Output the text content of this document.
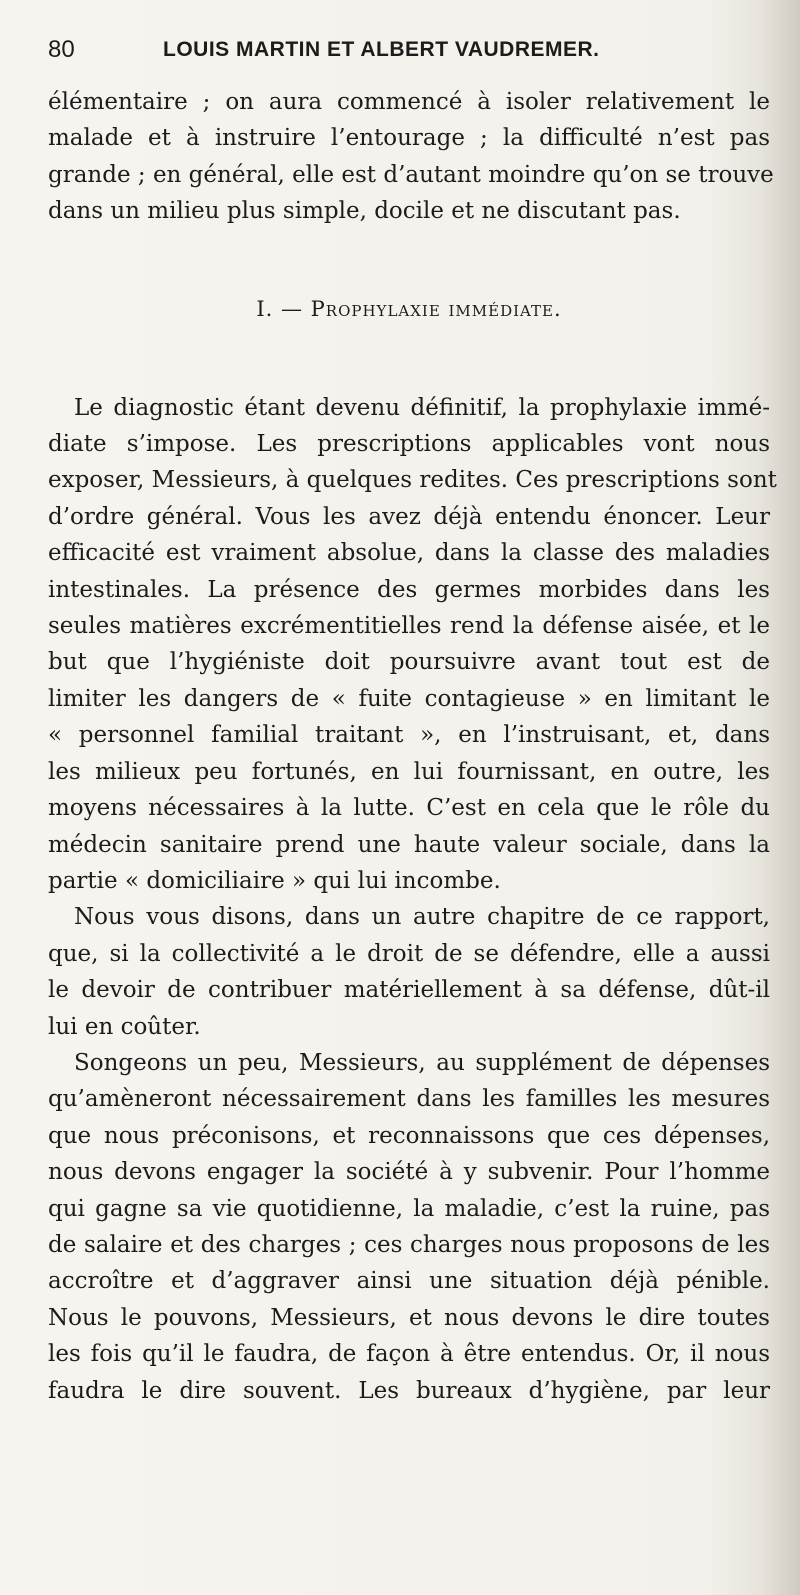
80	LOUIS MARTIN ET ALBERT VAUDREMER.
élémentaire ; on aura commencé à isoler relativement le
malade et à instruire l’entourage ; la difficulté n’est pas
grande ; en général, elle est d’autant moindre qu’on se trouve
dans un milieu plus simple, docile et ne discutant pas.
I. —
Prophylaxie immédiate.
Le diagnostic étant devenu définitif, la prophylaxie immé-
diate s’impose. Les prescriptions applicables vont nous
exposer, Messieurs, à quelques redites. Ces prescriptions sont
d’ordre général. Vous les avez déjà entendu énoncer. Leur
efficacité est vraiment absolue, dans la classe des maladies
intestinales. La présence des germes morbides dans les
seules matières excrémentitielles rend la défense aisée, et le
but que l’hygiéniste doit poursuivre avant tout est de
limiter les dangers de « fuite contagieuse » en limitant le
« personnel familial traitant », en l’instruisant, et, dans
les milieux peu fortunés, en lui fournissant, en outre, les
moyens nécessaires à la lutte. C’est en cela que le rôle du
médecin sanitaire prend une haute valeur sociale, dans la
partie « domiciliaire » qui lui incombe.
Nous vous disons, dans un autre chapitre de ce rapport,
que, si la collectivité a le droit de se défendre, elle a aussi
le devoir de contribuer matériellement à sa défense, dût-il
lui en coûter.
Songeons un peu, Messieurs, au supplément de dépenses
qu’amèneront nécessairement dans les familles les mesures
que nous préconisons, et reconnaissons que ces dépenses,
nous devons engager la société à y subvenir. Pour l’homme
qui gagne sa vie quotidienne, la maladie, c’est la ruine, pas
de salaire et des charges ; ces charges nous proposons de les
accroître et d’aggraver ainsi une situation déjà pénible.
Nous le pouvons, Messieurs, et nous devons le dire toutes
les fois qu’il le faudra, de façon à être entendus. Or, il nous
faudra le dire souvent. Les bureaux d’hygiène, par leur
